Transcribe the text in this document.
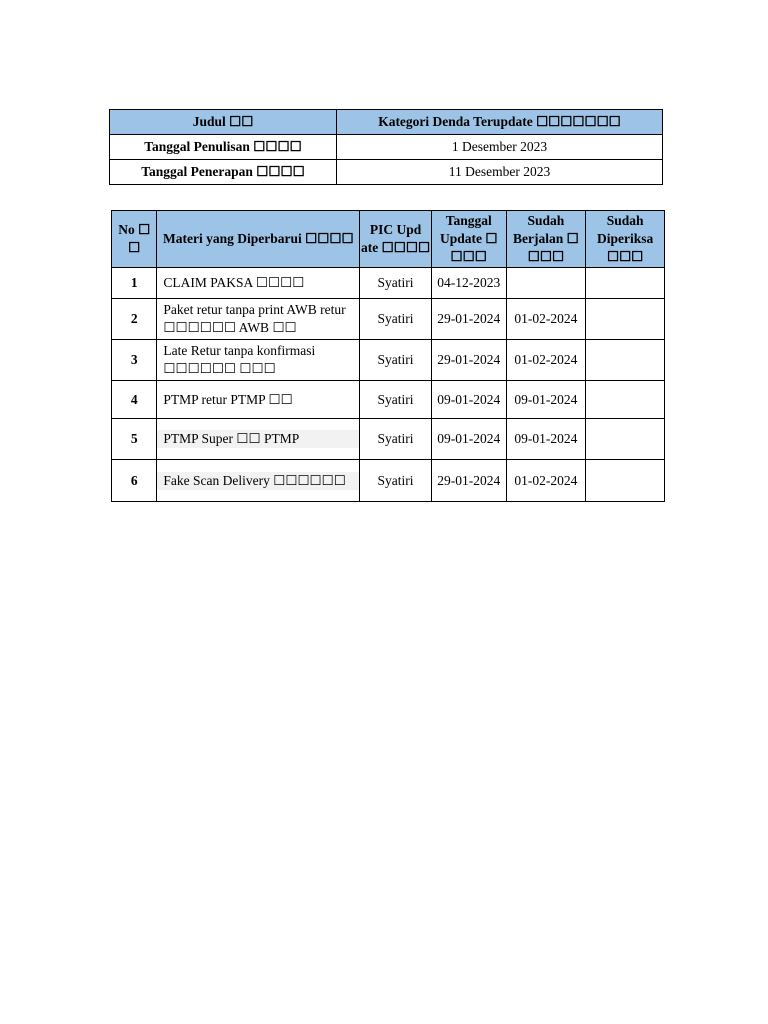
Judul ☐☐	Kategori Denda Terupdate ☐☐☐☐☐☐☐
Tanggal Penulisan ☐☐☐☐	1 Desember 2023
Tanggal Penerapan ☐☐☐☐	11 Desember 2023
No ☐ ☐	Materi yang Diperbarui ☐☐☐☐	PIC Upd ate ☐☐☐☐	Tanggal Update ☐ ☐☐☐	Sudah Berjalan ☐ ☐☐☐	Sudah Diperiksa ☐☐☐
1	CLAIM PAKSA ☐☐☐☐	Syatiri	04-12-2023		
2	Paket retur tanpa print AWB retur ☐☐☐☐☐☐ AWB ☐☐	Syatiri	29-01-2024	01-02-2024	
3	Late Retur tanpa konfirmasi ☐☐☐☐☐☐ ☐☐☐	Syatiri	29-01-2024	01-02-2024	
4	PTMP retur PTMP ☐☐	Syatiri	09-01-2024	09-01-2024	
5	PTMP Super ☐☐ PTMP	Syatiri	09-01-2024	09-01-2024	
6	Fake Scan Delivery ☐☐☐☐☐☐	Syatiri	29-01-2024	01-02-2024	
